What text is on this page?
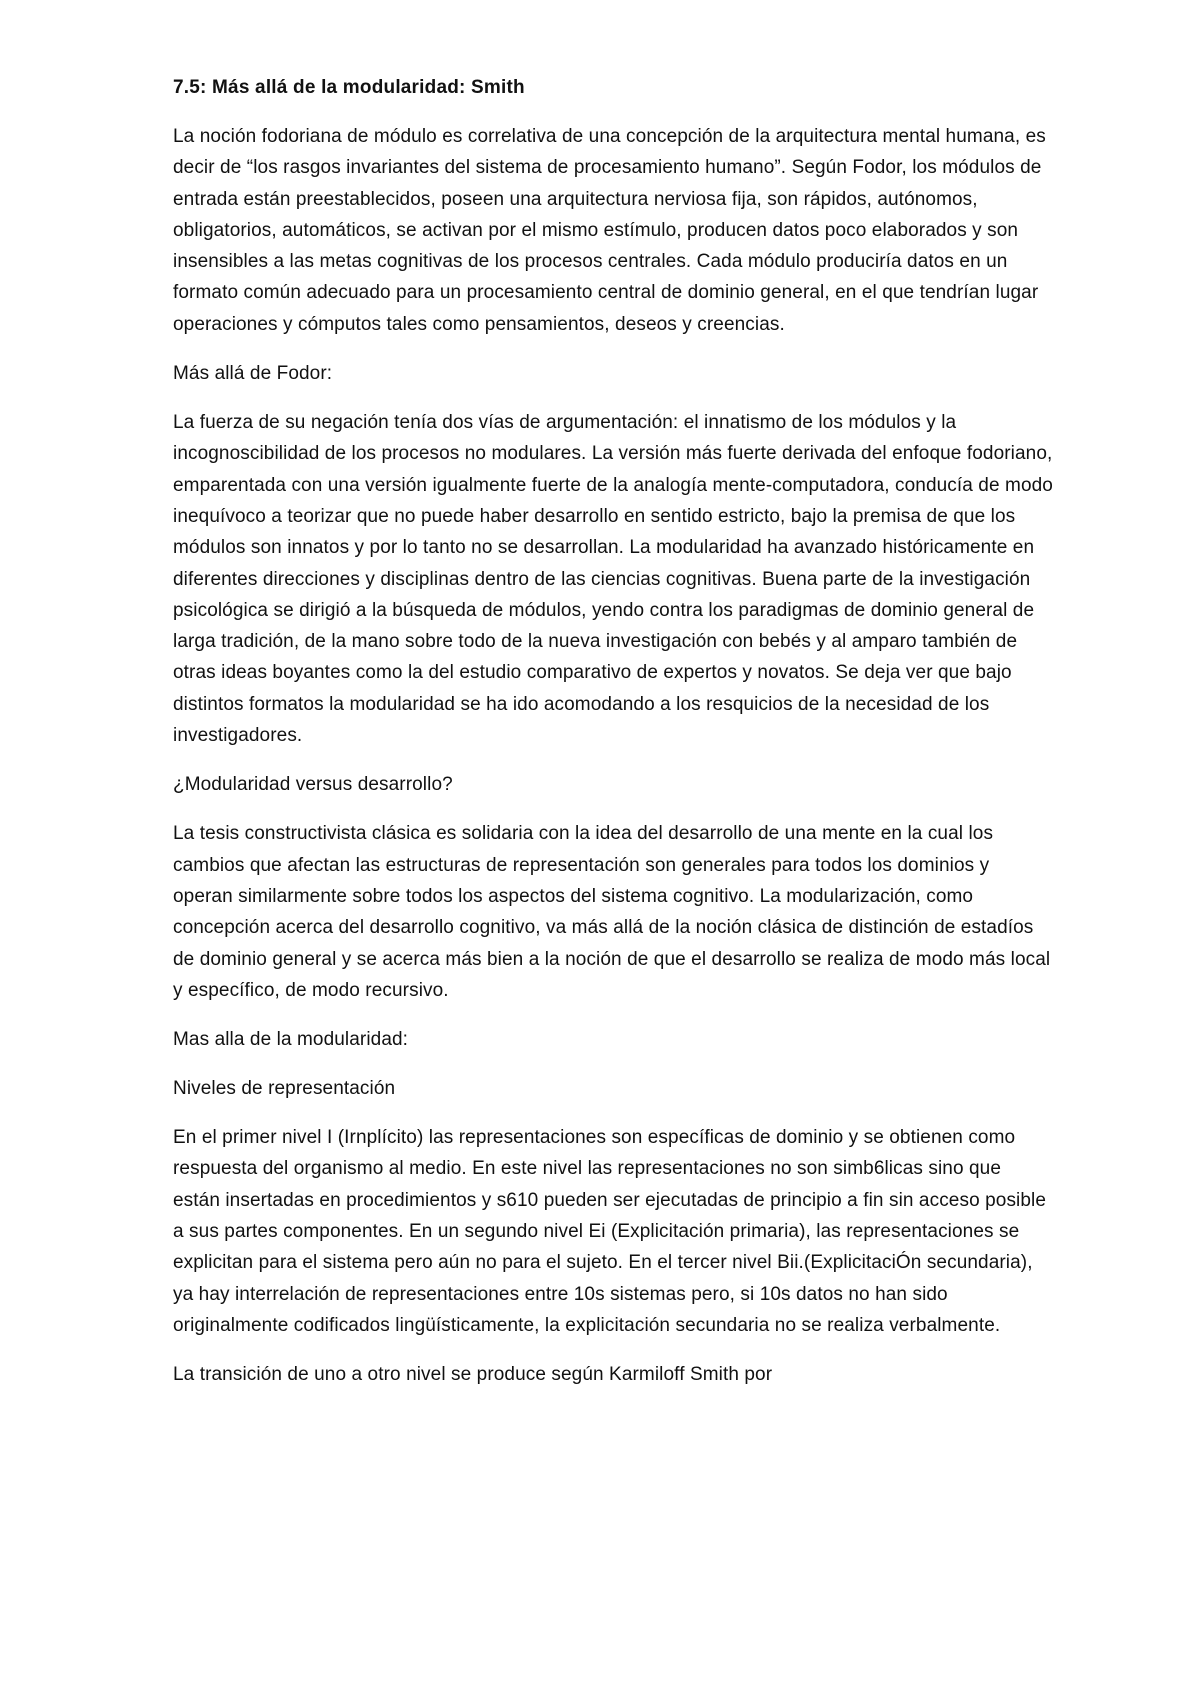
7.5: Más allá de la modularidad: Smith

La noción fodoriana de módulo es correlativa de una concepción de la arquitectura mental humana, es decir de “los rasgos invariantes del sistema de procesamiento humano”. Según Fodor, los módulos de entrada están preestablecidos, poseen una arquitectura nerviosa fija, son rápidos, autónomos, obligatorios, automáticos, se activan por el mismo estímulo, producen datos poco elaborados y son insensibles a las metas cognitivas de los procesos centrales. Cada módulo produciría datos en un formato común adecuado para un procesamiento central de dominio general, en el que tendrían lugar operaciones y cómputos tales como pensamientos, deseos y creencias.

Más allá de Fodor:

La fuerza de su negación tenía dos vías de argumentación: el innatismo de los módulos y la incognoscibilidad de los procesos no modulares. La versión más fuerte derivada del enfoque fodoriano, emparentada con una versión igualmente fuerte de la analogía mente-computadora, conducía de modo inequívoco a teorizar que no puede haber desarrollo en sentido estricto, bajo la premisa de que los módulos son innatos y por lo tanto no se desarrollan. La modularidad ha avanzado históricamente en diferentes direcciones y disciplinas dentro de las ciencias cognitivas. Buena parte de la investigación psicológica se dirigió a la búsqueda de módulos, yendo contra los paradigmas de dominio general de larga tradición, de la mano sobre todo de la nueva investigación con bebés y al amparo también de otras ideas boyantes como la del estudio comparativo de expertos y novatos. Se deja ver que bajo distintos formatos la modularidad se ha ido acomodando a los resquicios de la necesidad de los investigadores.

¿Modularidad versus desarrollo?

La tesis constructivista clásica es solidaria con la idea del desarrollo de una mente en la cual los cambios que afectan las estructuras de representación son generales para todos los dominios y operan similarmente sobre todos los aspectos del sistema cognitivo. La modularización, como concepción acerca del desarrollo cognitivo, va más allá de la noción clásica de distinción de estadíos de dominio general y se acerca más bien a la noción de que el desarrollo se realiza de modo más local y específico, de modo recursivo.

Mas alla de la modularidad:

Niveles de representación

En el primer nivel I (Irnplícito) las representaciones son específicas de dominio y se obtienen como respuesta del organismo al medio. En este nivel las representaciones no son simb6licas sino que están insertadas en procedimientos y s610 pueden ser ejecutadas de principio a fin sin acceso posible a sus partes componentes. En un segundo nivel Ei (Explicitación primaria), las representaciones se explicitan para el sistema pero aún no para el sujeto. En el tercer nivel Bii.(ExplicitaciÓn secundaria), ya hay interrelación de representaciones entre 10s sistemas pero, si 10s datos no han sido originalmente codificados lingüísticamente, la explicitación secundaria no se realiza verbalmente.

La transición de uno a otro nivel se produce según Karmiloff Smith por
